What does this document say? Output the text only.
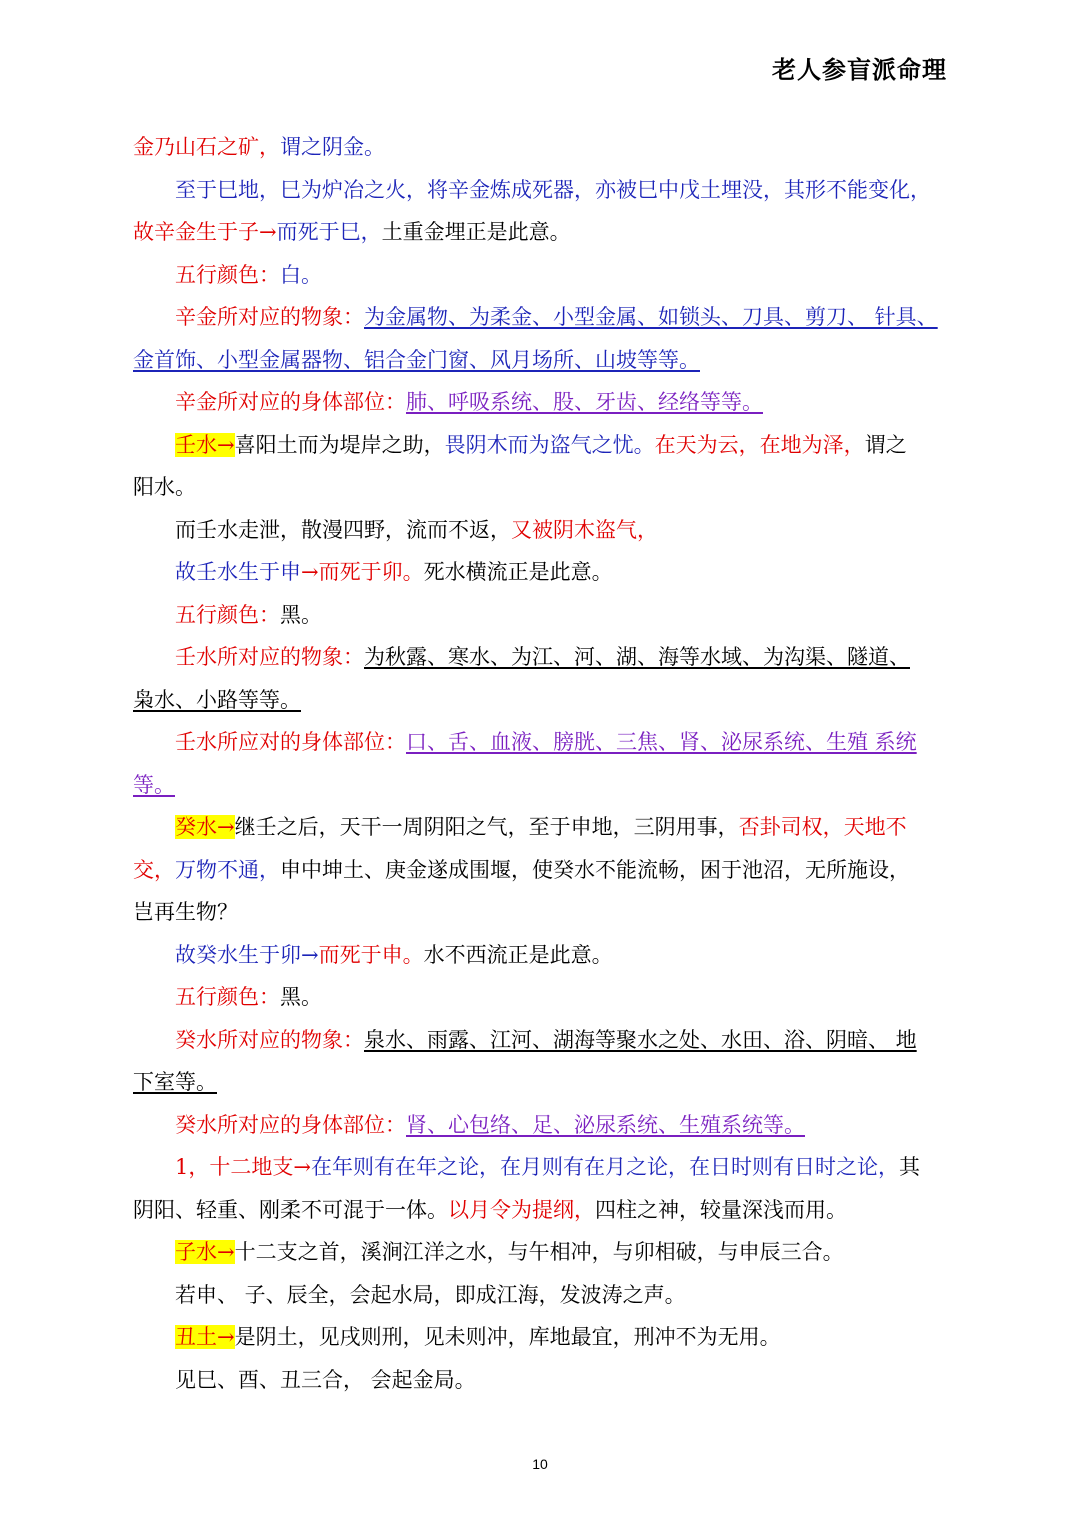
老人参盲派命理

金乃山石之矿，谓之阴金。

至于巳地，巳为炉冶之火，将辛金炼成死器，亦被巳中戊土埋没，其形不能变化，

故辛金生于子→而死于巳，土重金埋正是此意。

五行颜色：白。

辛金所对应的物象：为金属物、为柔金、小型金属、如锁头、刀具、剪刀、 针具、

金首饰、小型金属器物、铝合金门窗、风月场所、山坡等等。

辛金所对应的身体部位：肺、呼吸系统、股、牙齿、经络等等。

壬水→喜阳土而为堤岸之助，畏阴木而为盗气之忧。在天为云，在地为泽，谓之

阳水。

而壬水走泄，散漫四野，流而不返，又被阴木盗气，

故壬水生于申→而死于卯。死水横流正是此意。

五行颜色：黑。

壬水所对应的物象：为秋露、寒水、为江、河、湖、海等水域、为沟渠、隧道、

枭水、小路等等。

壬水所应对的身体部位：口、舌、血液、膀胱、三焦、肾、泌尿系统、生殖 系统

等。

癸水→继壬之后，天干一周阴阳之气，至于申地，三阴用事，否卦司权，天地不

交，万物不通，申中坤土、庚金遂成围堰，使癸水不能流畅，困于池沼，无所施设，

岂再生物？

故癸水生于卯→而死于申。水不西流正是此意。

五行颜色：黑。

癸水所对应的物象：泉水、雨露、江河、湖海等聚水之处、水田、浴、阴暗、 地

下室等。

癸水所对应的身体部位：肾、心包络、足、泌尿系统、生殖系统等。

1，十二地支→在年则有在年之论，在月则有在月之论，在日时则有日时之论，其

阴阳、轻重、刚柔不可混于一体。以月令为提纲，四柱之神，较量深浅而用。

子水→十二支之首，溪涧江洋之水，与午相冲，与卯相破，与申辰三合。

若申、 子、辰全，会起水局，即成江海，发波涛之声。

丑土→是阴土，见戌则刑，见未则冲，库地最宜，刑冲不为无用。

见巳、酉、丑三合， 会起金局。

10
